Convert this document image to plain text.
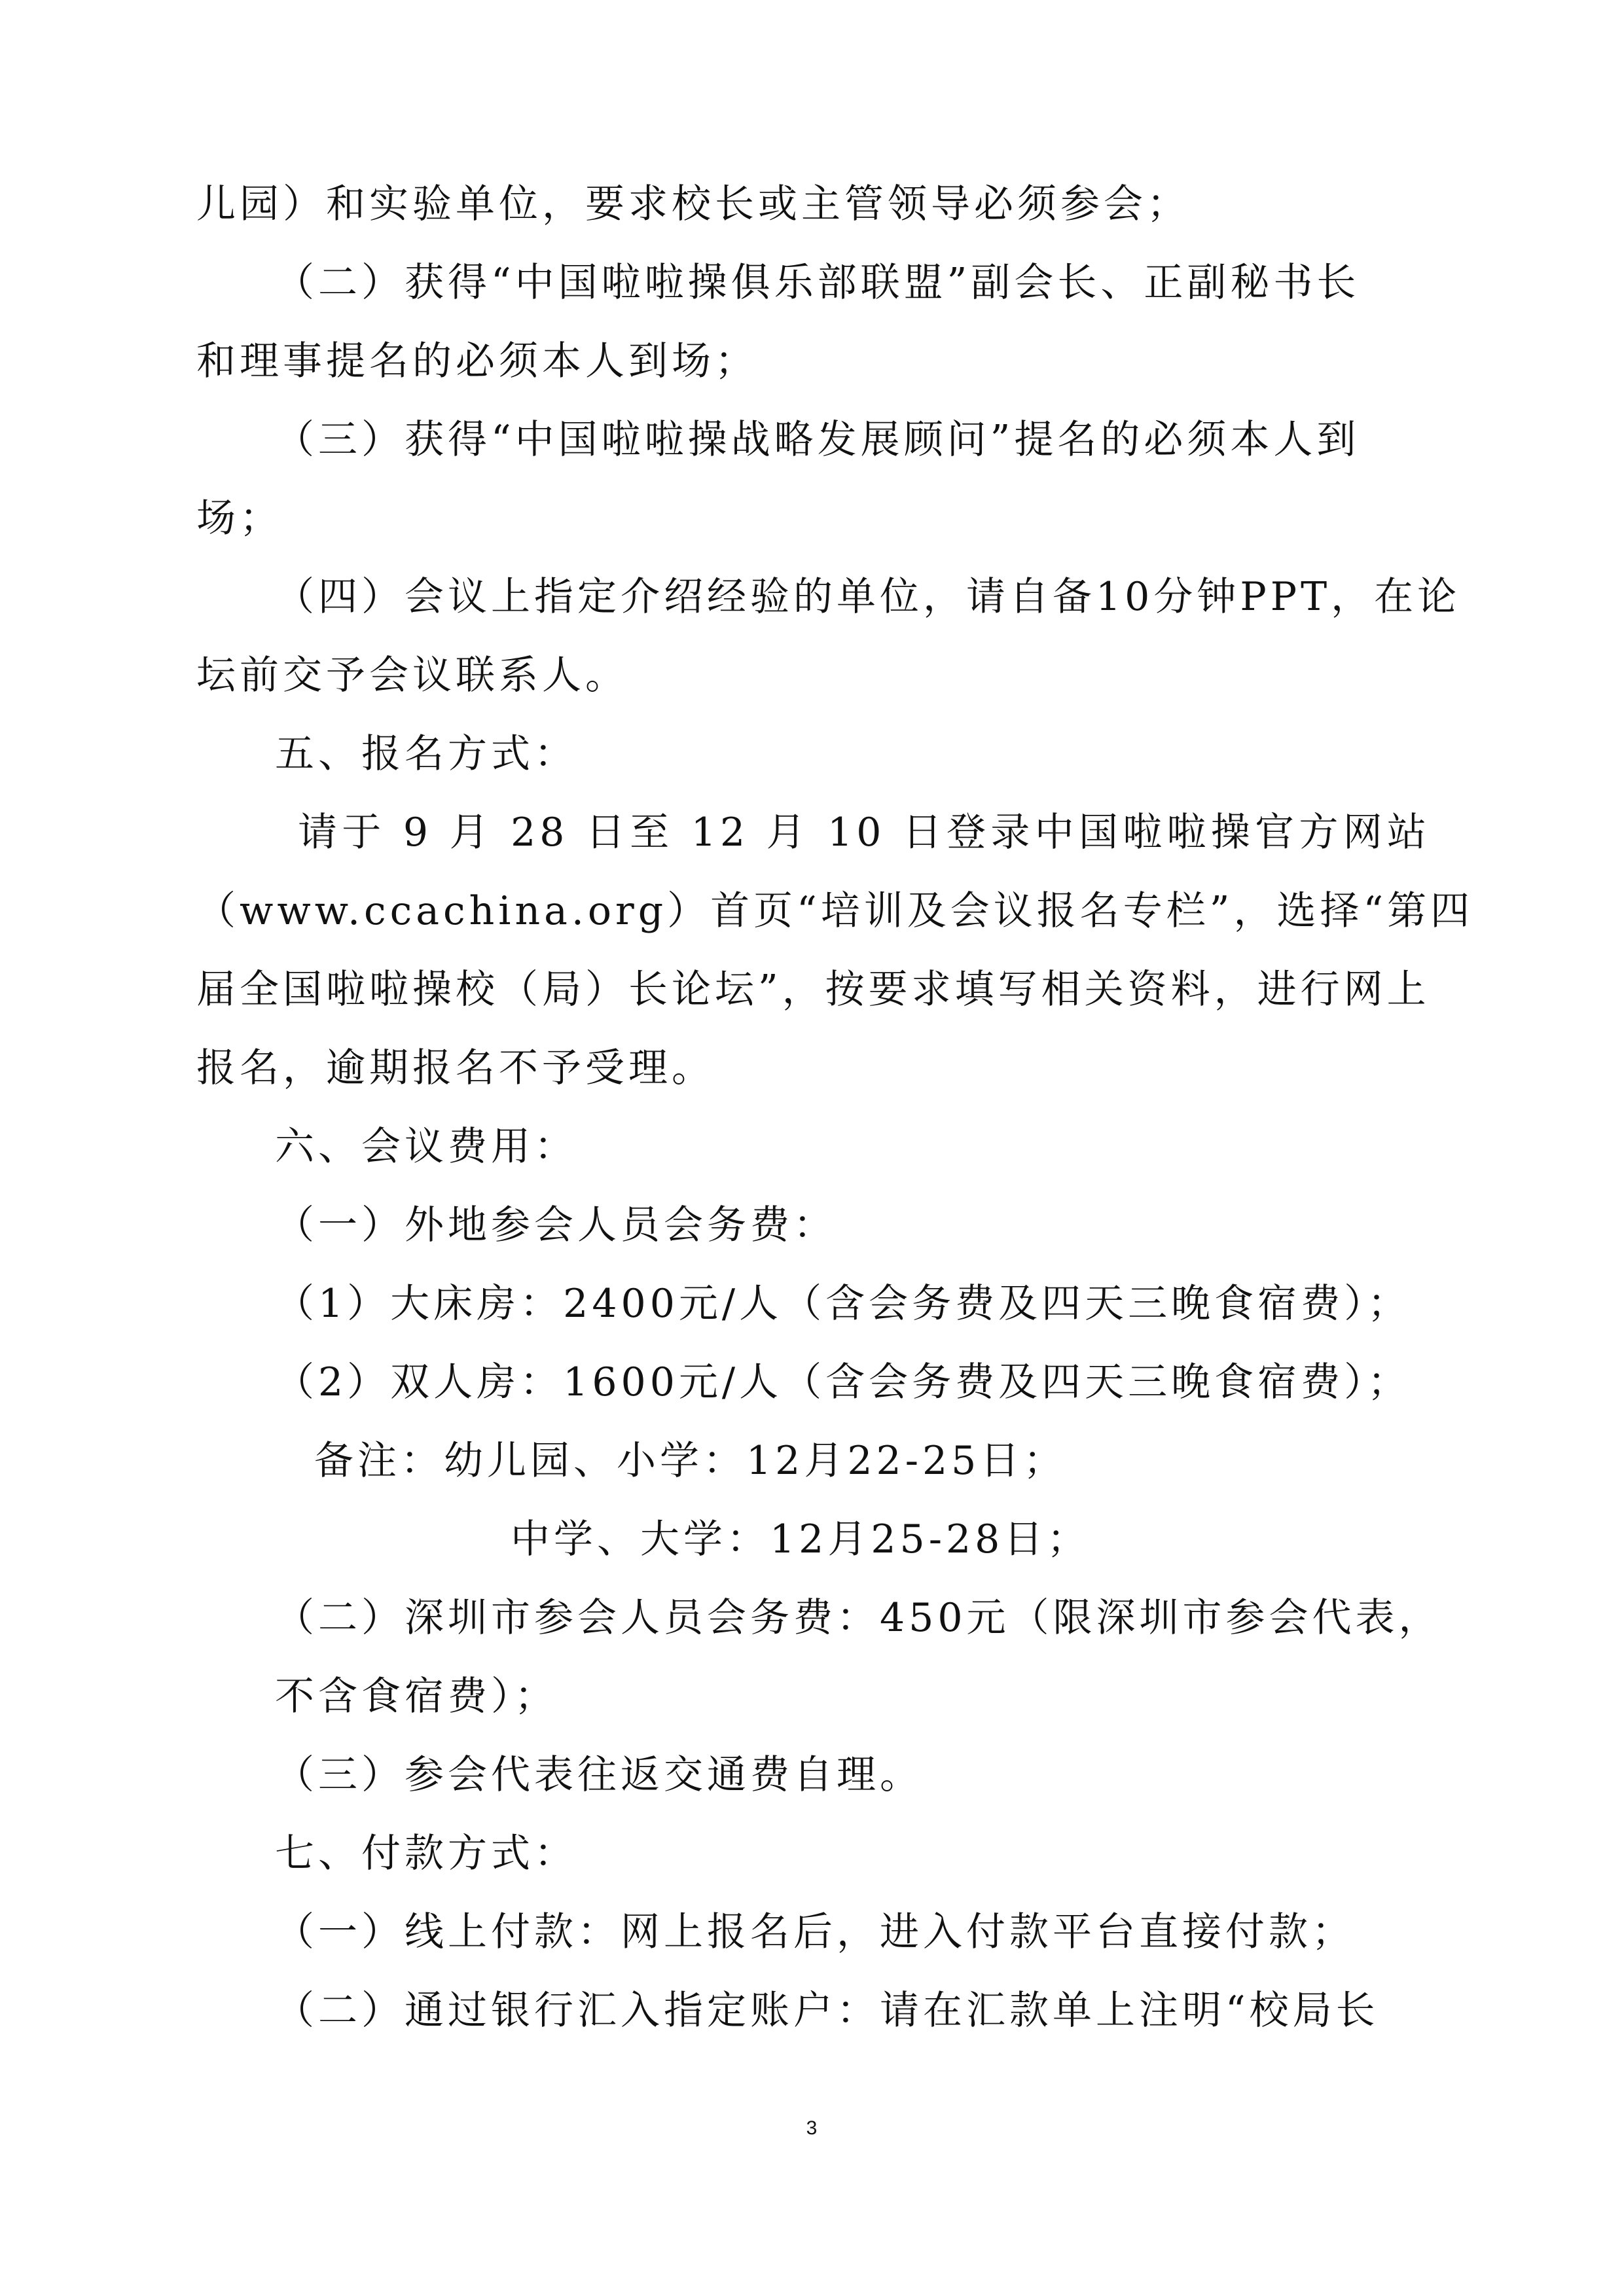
儿园）和实验单位，要求校长或主管领导必须参会；
（二）获得“中国啦啦操俱乐部联盟”副会长、正副秘书长
和理事提名的必须本人到场；
（三）获得“中国啦啦操战略发展顾问”提名的必须本人到
场；
（四）会议上指定介绍经验的单位，请自备10分钟PPT，在论
坛前交予会议联系人。
五、报名方式：
请于 9 月 28 日至 12 月 10 日登录中国啦啦操官方网站
（www.ccachina.org）首页“培训及会议报名专栏”，选择“第四
届全国啦啦操校（局）长论坛”，按要求填写相关资料，进行网上
报名，逾期报名不予受理。
六、会议费用：
（一）外地参会人员会务费：
（1）大床房：2400元/人（含会务费及四天三晚食宿费）；
（2）双人房：1600元/人（含会务费及四天三晚食宿费）；
备注：幼儿园、小学：12月22-25日；
中学、大学：12月25-28日；
（二）深圳市参会人员会务费：450元（限深圳市参会代表，
不含食宿费）；
（三）参会代表往返交通费自理。
七、付款方式：
（一）线上付款：网上报名后，进入付款平台直接付款；
（二）通过银行汇入指定账户：请在汇款单上注明“校局长
3
